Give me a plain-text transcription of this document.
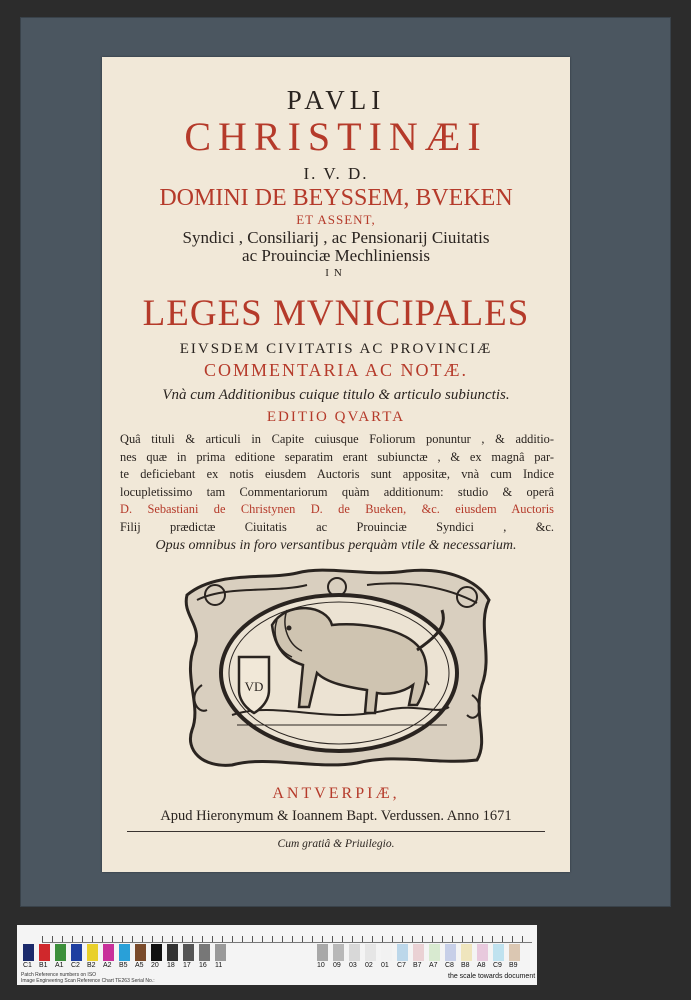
PAVLI
CHRISTINÆI
I. V. D.
DOMINI DE BEYSSEM, BVEKEN
ET ASSENT,
Syndici , Consiliarij , ac Pensionarij Ciuitatis
ac Prouinciæ Mechliniensis
IN
LEGES MVNICIPALES
EIVSDEM CIVITATIS AC PROVINCIÆ
COMMENTARIA AC NOTÆ.
Vnà cum Additionibus cuique titulo & articulo subiunctis.
EDITIO QVARTA
Quâ tituli & articuli in Capite cuiusque Foliorum ponuntur , & additio-
nes quæ in prima editione separatim erant subiunctæ , & ex magnâ par-
te deficiebant ex notis eiusdem Auctoris sunt appositæ, vnà cum Indice
locupletissimo tam Commentariorum quàm additionum: studio & operâ
D. Sebastiani de Christynen D. de Bueken, &c. eiusdem Auctoris
Filij prædictæ Ciuitatis ac Prouinciæ Syndici , &c.
Opus omnibus in foro versantibus perquàm vtile & necessarium.
VD
ANTVERPIÆ,
Apud Hieronymum & Ioannem Bapt. Verdussen. Anno 1671
Cum gratiâ & Priuilegio.
C1 B1 A1 C2 B2 A2 B5 A5 20 18 17 16 11	10 09 03 02 01 C7 B7 A7 C8 B8 A8 C9 B9
Patch Reference numbers on ISO
Image Engineering Scan Reference Chart TE263 Serial No.:
the scale towards document
